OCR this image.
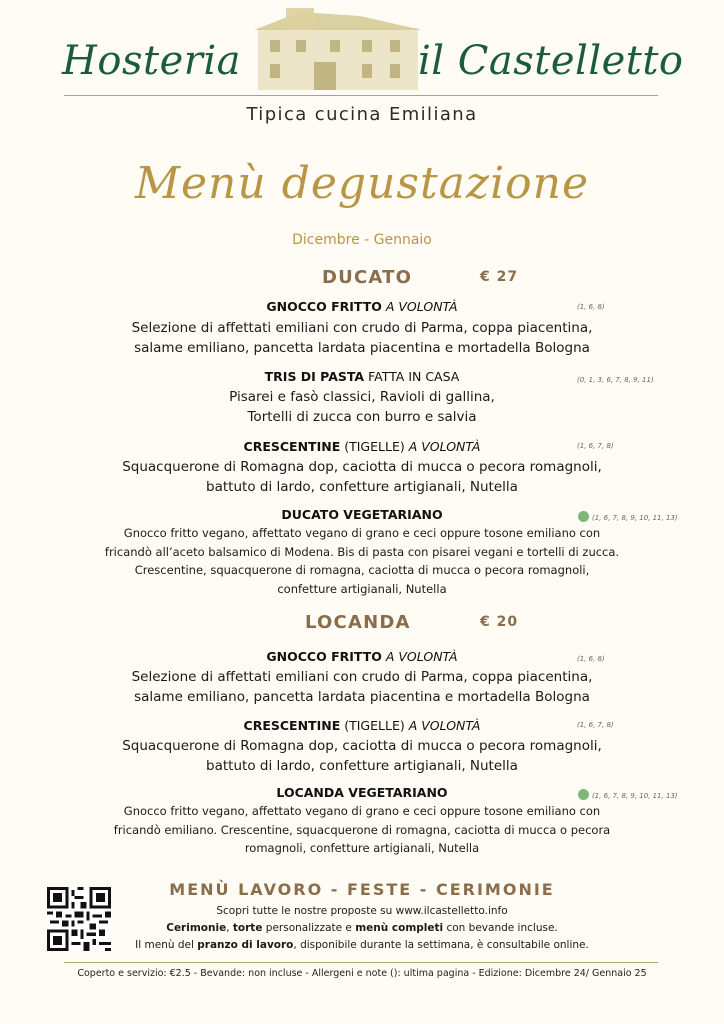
Hosteria	il Castelletto
Tipica cucina Emiliana
Menù degustazione
Dicembre - Gennaio
DUCATO	€ 27
GNOCCO FRITTO A VOLONTÀ	(1, 6, 8)
Selezione di affettati emiliani con crudo di Parma, coppa piacentina,
salame emiliano, pancetta lardata piacentina e mortadella Bologna
TRIS DI PASTA FATTA IN CASA	(0, 1, 3, 6, 7, 8, 9, 11)
Pisarei e fasò classici, Ravioli di gallina,
Tortelli di zucca con burro e salvia
CRESCENTINE (TIGELLE) A VOLONTÀ	(1, 6, 7, 8)
Squacquerone di Romagna dop, caciotta di mucca o pecora romagnoli,
battuto di lardo, confetture artigianali, Nutella
DUCATO VEGETARIANO	(1, 6, 7, 8, 9, 10, 11, 13)
Gnocco fritto vegano, affettato vegano di grano e ceci oppure tosone emiliano con
fricandò all’aceto balsamico di Modena. Bis di pasta con pisarei vegani e tortelli di zucca.
Crescentine, squacquerone di romagna, caciotta di mucca o pecora romagnoli,
confetture artigianali, Nutella
LOCANDA	€ 20
GNOCCO FRITTO A VOLONTÀ	(1, 6, 8)
Selezione di affettati emiliani con crudo di Parma, coppa piacentina,
salame emiliano, pancetta lardata piacentina e mortadella Bologna
CRESCENTINE (TIGELLE) A VOLONTÀ	(1, 6, 7, 8)
Squacquerone di Romagna dop, caciotta di mucca o pecora romagnoli,
battuto di lardo, confetture artigianali, Nutella
LOCANDA VEGETARIANO	(1, 6, 7, 8, 9, 10, 11, 13)
Gnocco fritto vegano, affettato vegano di grano e ceci oppure tosone emiliano con
fricandò emiliano. Crescentine, squacquerone di romagna, caciotta di mucca o pecora
romagnoli, confetture artigianali, Nutella
MENÙ LAVORO - FESTE - CERIMONIE
Scopri tutte le nostre proposte su www.ilcastelletto.info
Cerimonie, torte personalizzate e menù completi con bevande incluse.
Il menù del pranzo di lavoro, disponibile durante la settimana, è consultabile online.
Coperto e servizio: €2.5 - Bevande: non incluse - Allergeni e note (): ultima pagina - Edizione: Dicembre 24/ Gennaio 25
